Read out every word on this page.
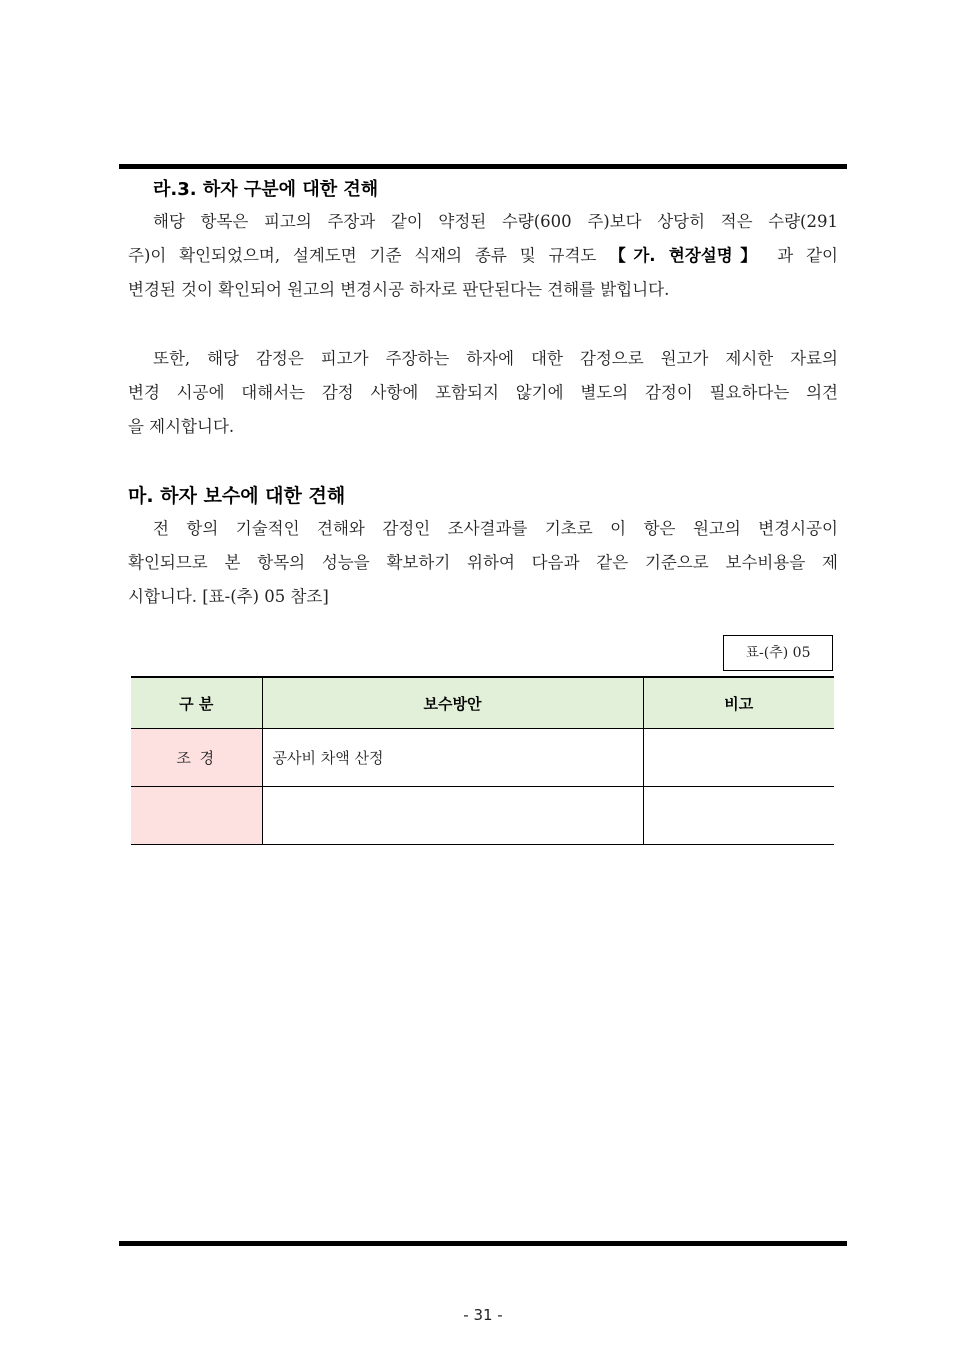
라.3. 하자 구분에 대한 견해
해당 항목은 피고의 주장과 같이 약정된 수량(600 주)보다 상당히 적은 수량(291
주)이 확인되었으며, 설계도면 기준 식재의 종류 및 규격도 【가. 현장설명】 과 같이
변경된 것이 확인되어 원고의 변경시공 하자로 판단된다는 견해를 밝힙니다.
또한, 해당 감정은 피고가 주장하는 하자에 대한 감정으로 원고가 제시한 자료의
변경 시공에 대해서는 감정 사항에 포함되지 않기에 별도의 감정이 필요하다는 의견
을 제시합니다.
마. 하자 보수에 대한 견해
전 항의 기술적인 견해와 감정인 조사결과를 기초로 이 항은 원고의 변경시공이
확인되므로 본 항목의 성능을 확보하기 위하여 다음과 같은 기준으로 보수비용을 제
시합니다. [표-(추) 05 참조]
표-(추) 05
구 분	보수방안	비고
조 경	공사비 차액 산정	

- 31 -
